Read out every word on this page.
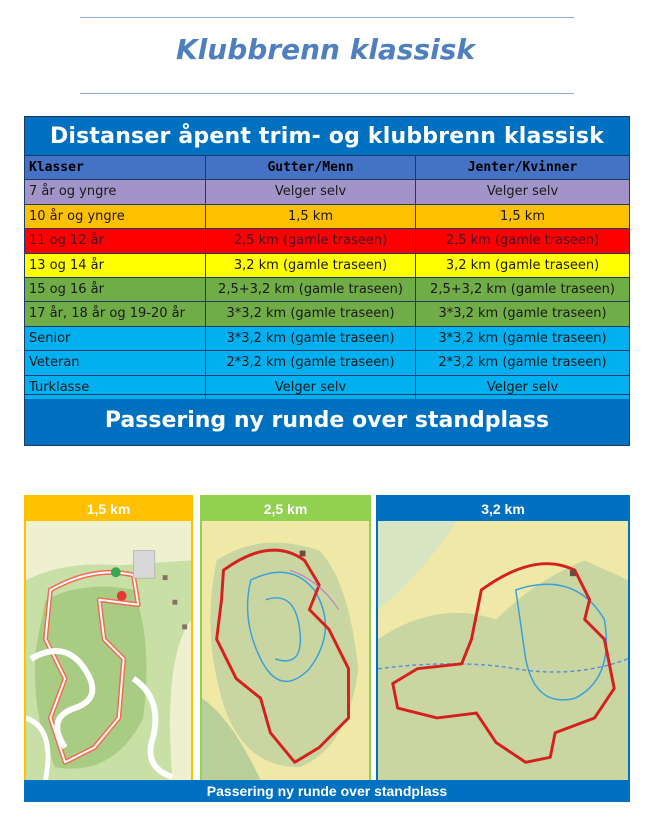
Klubbrenn klassisk
Distanser åpent trim- og klubbrenn klassisk
Klasser	Gutter/Menn	Jenter/Kvinner
7 år og yngre	Velger selv	Velger selv
10 år og yngre	1,5 km	1,5 km
11 og 12 år	2,5 km (gamle traseen)	2,5 km (gamle traseen)
13 og 14 år	3,2 km (gamle traseen)	3,2 km (gamle traseen)
15 og 16 år	2,5+3,2 km (gamle traseen)	2,5+3,2 km (gamle traseen)
17 år, 18 år og 19-20 år	3*3,2 km (gamle traseen)	3*3,2 km (gamle traseen)
Senior	3*3,2 km (gamle traseen)	3*3,2 km (gamle traseen)
Veteran	2*3,2 km (gamle traseen)	2*3,2 km (gamle traseen)
Turklasse	Velger selv	Velger selv
Passering ny runde over standplass
1,5 km	2,5 km	3,2 km
Passering ny runde over standplass
